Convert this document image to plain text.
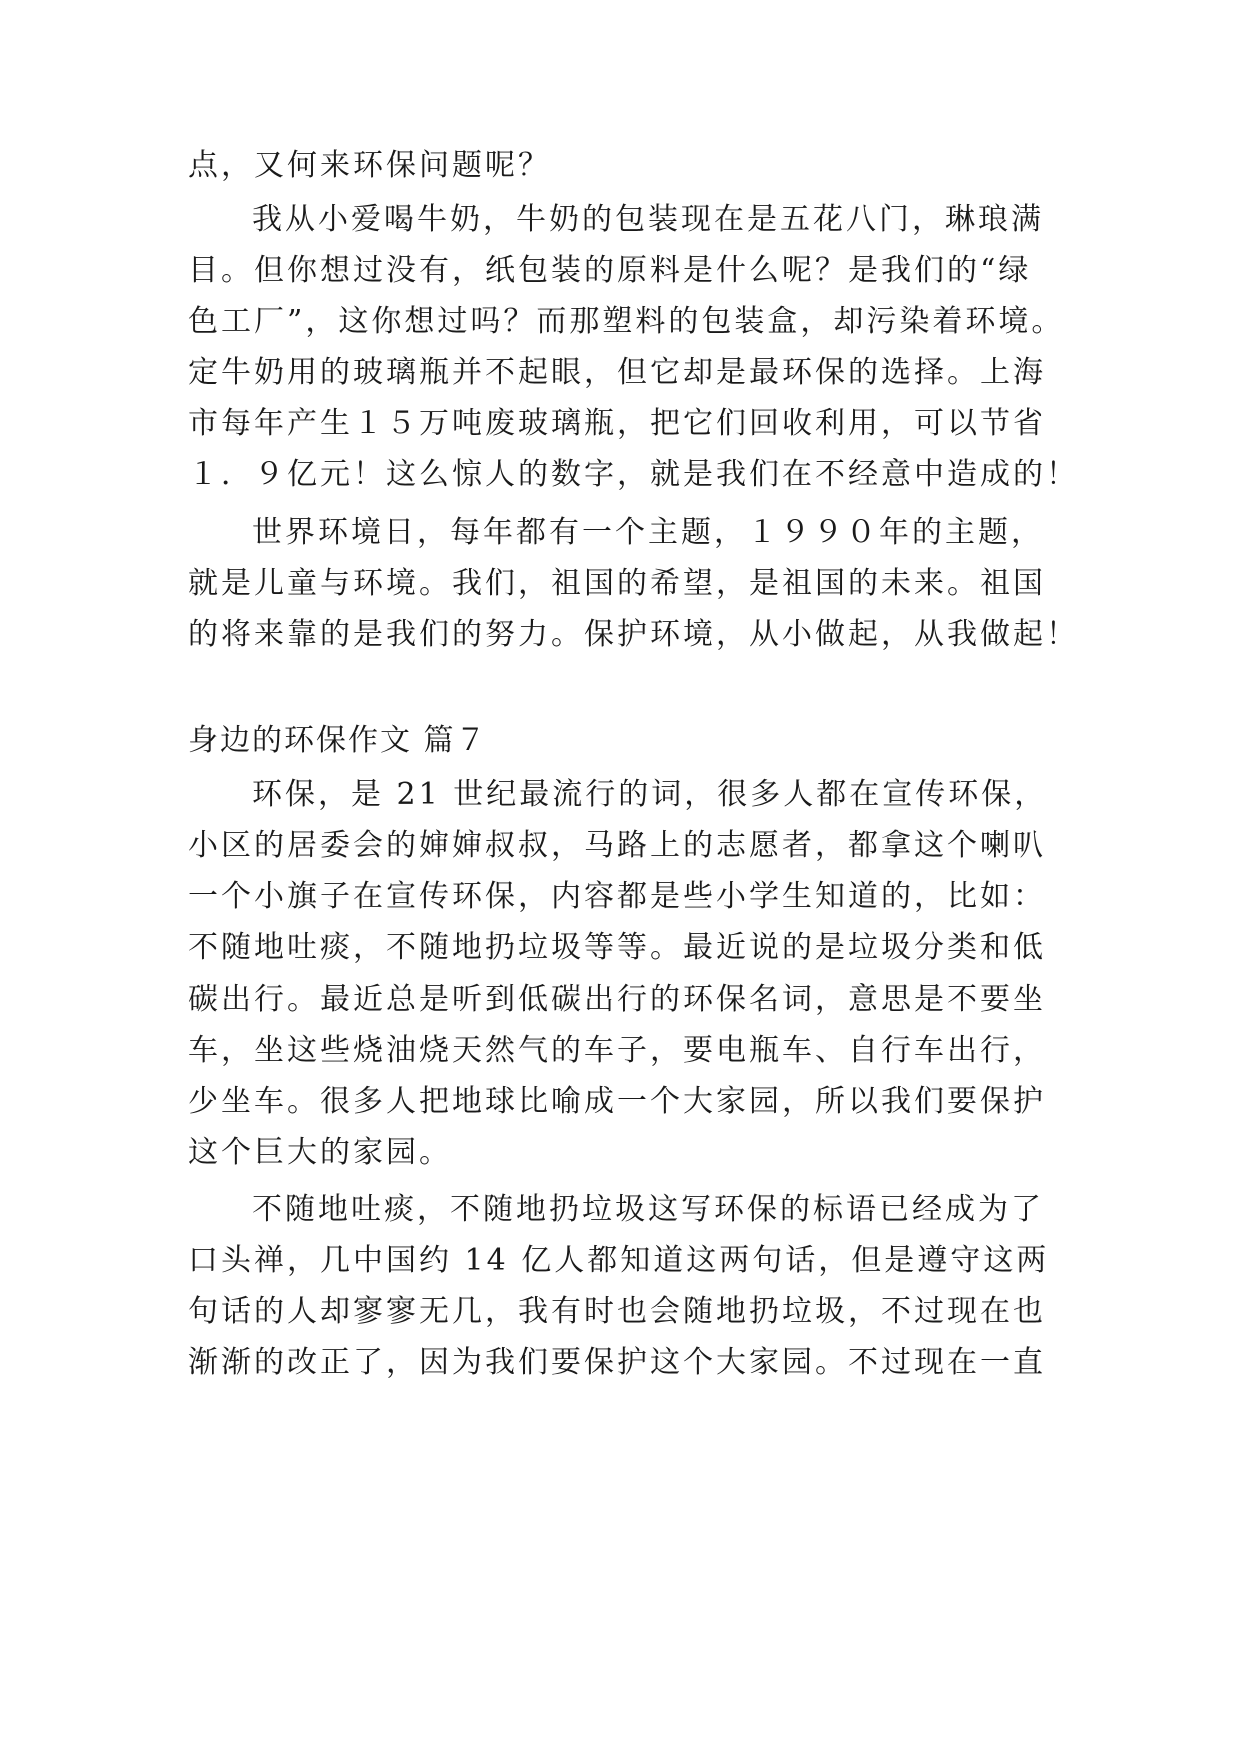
点，又何来环保问题呢？
我从小爱喝牛奶，牛奶的包装现在是五花八门，琳琅满
目。但你想过没有，纸包装的原料是什么呢？是我们的“绿
色工厂”，这你想过吗？而那塑料的包装盒，却污染着环境。
定牛奶用的玻璃瓶并不起眼，但它却是最环保的选择。上海
市每年产生１５万吨废玻璃瓶，把它们回收利用，可以节省
１．９亿元！这么惊人的数字，就是我们在不经意中造成的！
世界环境日，每年都有一个主题，１９９０年的主题，
就是儿童与环境。我们，祖国的希望，是祖国的未来。祖国
的将来靠的是我们的努力。保护环境，从小做起，从我做起！
身边的环保作文 篇７
环保，是 21 世纪最流行的词，很多人都在宣传环保，
小区的居委会的婶婶叔叔，马路上的志愿者，都拿这个喇叭
一个小旗子在宣传环保，内容都是些小学生知道的，比如：
不随地吐痰，不随地扔垃圾等等。最近说的是垃圾分类和低
碳出行。最近总是听到低碳出行的环保名词，意思是不要坐
车，坐这些烧油烧天然气的车子，要电瓶车、自行车出行，
少坐车。很多人把地球比喻成一个大家园，所以我们要保护
这个巨大的家园。
不随地吐痰，不随地扔垃圾这写环保的标语已经成为了
口头禅，几中国约 14 亿人都知道这两句话，但是遵守这两
句话的人却寥寥无几，我有时也会随地扔垃圾，不过现在也
渐渐的改正了，因为我们要保护这个大家园。不过现在一直
